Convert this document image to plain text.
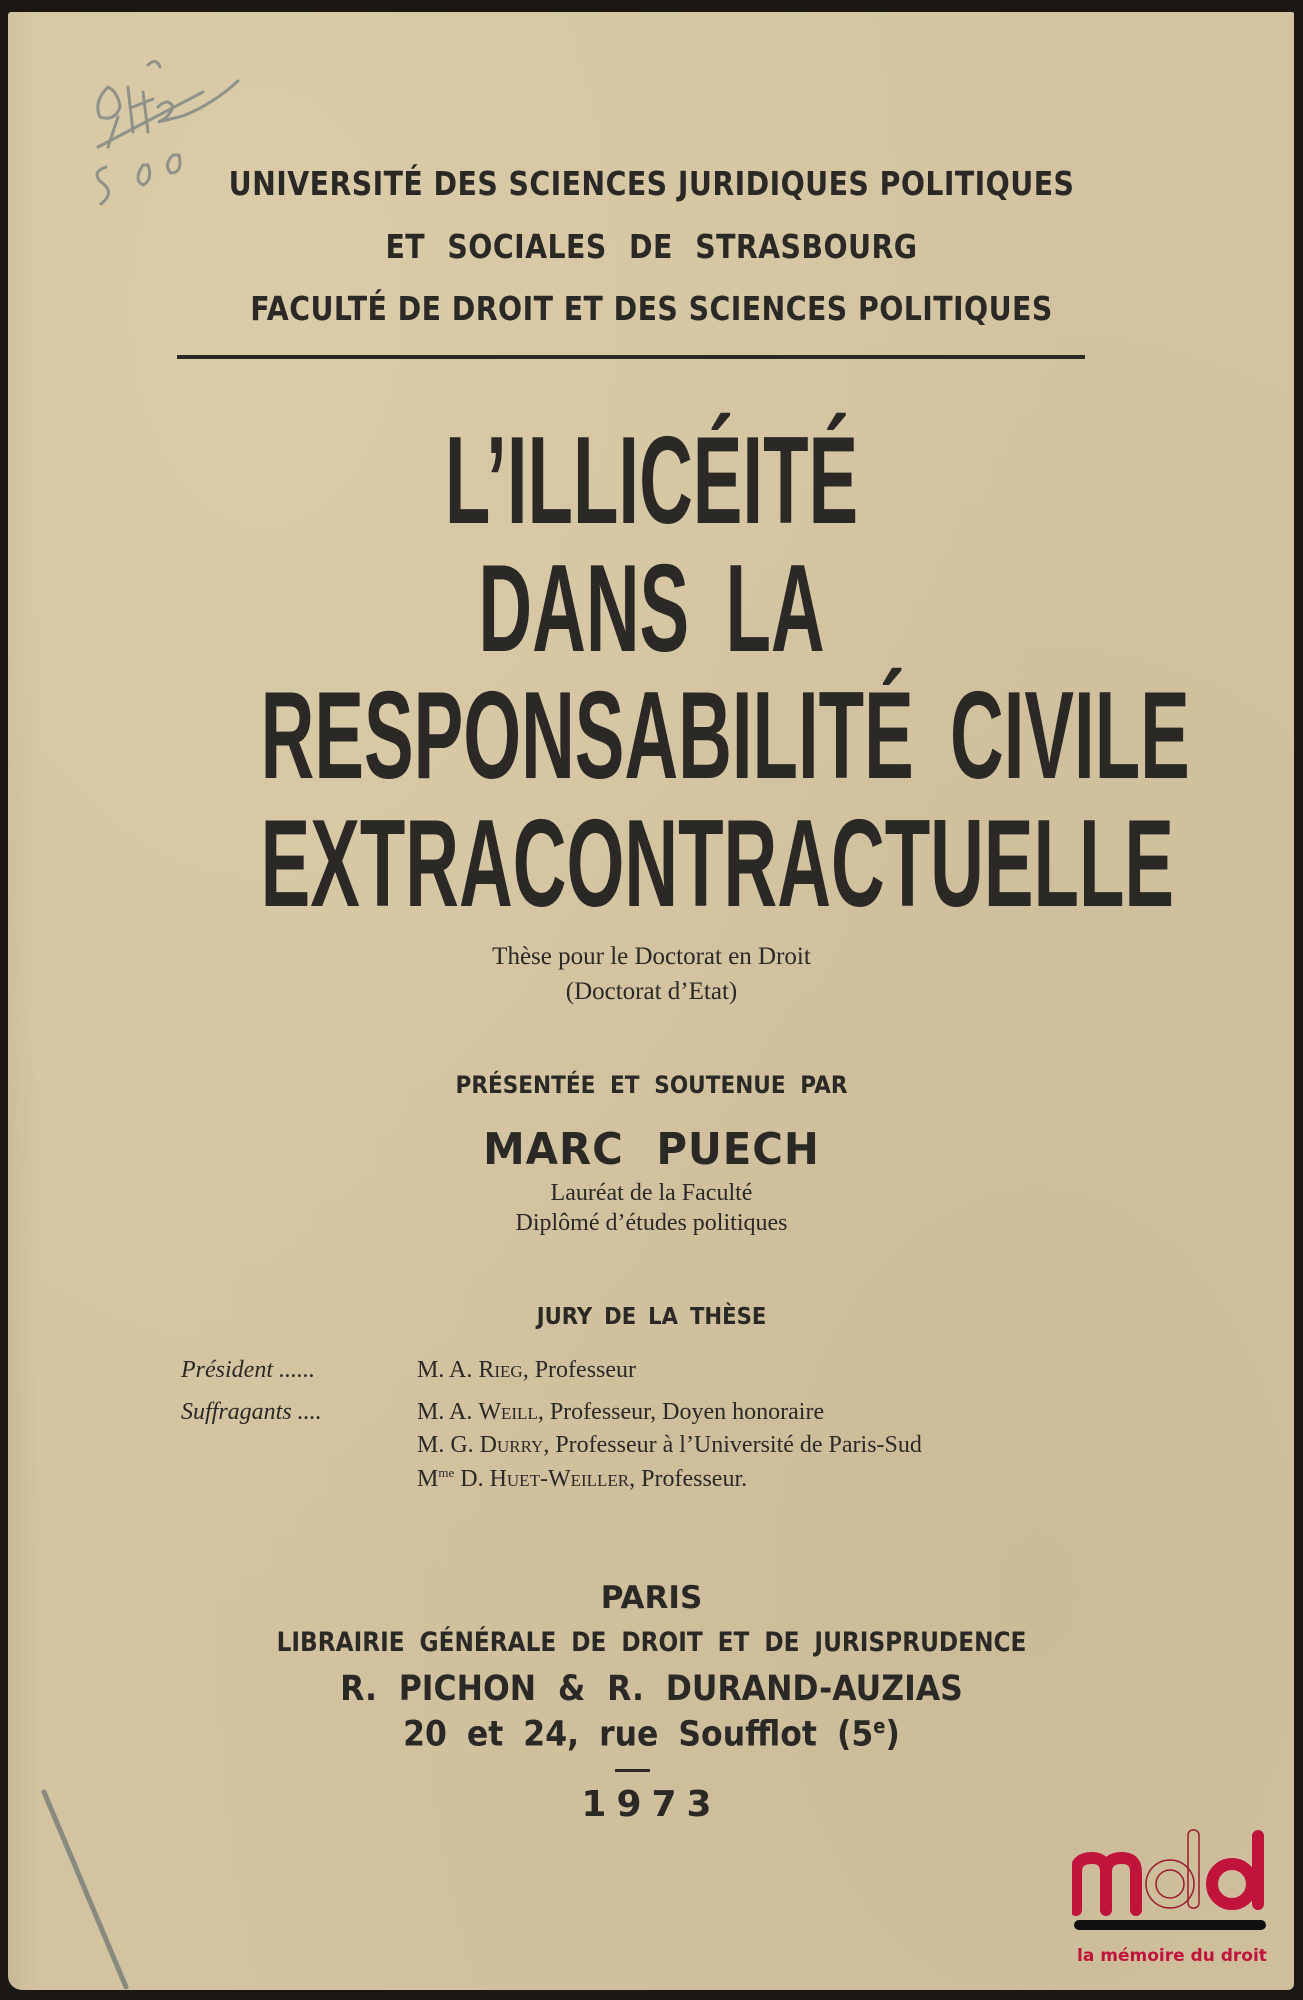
UNIVERSITÉ DES SCIENCES JURIDIQUES POLITIQUES
ET SOCIALES DE STRASBOURG
FACULTÉ DE DROIT ET DES SCIENCES POLITIQUES
L’ILLICÉITÉ
DANS LA
RESPONSABILITÉ CIVILE
EXTRACONTRACTUELLE
Thèse pour le Doctorat en Droit
(Doctorat d’Etat)
PRÉSENTÉE ET SOUTENUE PAR
MARC PUECH
Lauréat de la Faculté
Diplômé d’études politiques
JURY DE LA THÈSE
Président ......	M. A. Rieg, Professeur
Suffragants ....	M. A. Weill, Professeur, Doyen honoraire
M. G. Durry, Professeur à l’Université de Paris-Sud
$M^{me}$ D. Huet-Weiller, Professeur.
PARIS
LIBRAIRIE GÉNÉRALE DE DROIT ET DE JURISPRUDENCE
R. PICHON & R. DURAND-AUZIAS
20 et 24, rue Soufflot (5e)
1973
la mémoire du droit
